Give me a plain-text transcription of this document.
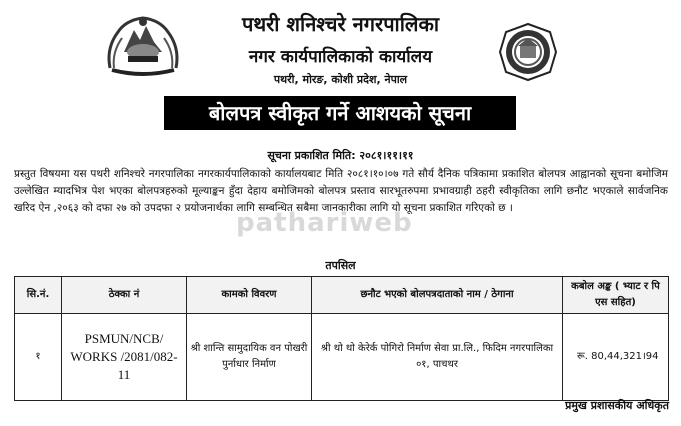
पथरी शनिश्चरे नगरपालिका
नगर कार्यपालिकाको कार्यालय
पथरी, मोरङ, कोशी प्रदेश, नेपाल
बोलपत्र स्वीकृत गर्ने आशयको सूचना
सूचना प्रकाशित मिति: २०८१।११।११
प्रस्तुत विषयमा यस पथरी शनिश्चरे नगरपालिका नगरकार्यपालिकाको कार्यालयबाट मिति २०८१।१०।०७ गते सौर्य दैनिक पत्रिकामा प्रकाशित बोलपत्र आह्वानको सूचना बमोजिम उल्लेखित म्यादभित्र पेश भएका बोलपत्रहरुको मूल्याङ्कन हुँदा देहाय बमोजिमको बोलपत्र प्रस्ताव सारभूतरुपमा प्रभावग्राही ठहरी स्वीकृतिका लागि छनौट भएकाले सार्वजनिक खरिद ऐन ,२०६३ को दफा २७ को उपदफा २ प्रयोजनार्थका लागि सम्बन्धित सबैमा जानकारीका लागि यो सूचना प्रकाशित गरिएको छ ।
pathariweb
तपसिल
सि.नं.	ठेक्का नं	कामको विवरण	छनौट भएको बोलपत्रदाताको नाम / ठेगाना	कबोल अङ्क ( भ्याट र पि एस सहित)
१	PSMUN/NCB/ WORKS /2081/082-11	श्री शान्ति सामुदायिक वन पोखरी पुर्नाधार निर्माण	श्री थो थो केरेर्क पोगिरो निर्माण सेवा प्रा.लि., फिदिम नगरपालिका ०१, पाचथर	रू. 80,44,321।94
प्रमुख प्रशासकीय अधिकृत
